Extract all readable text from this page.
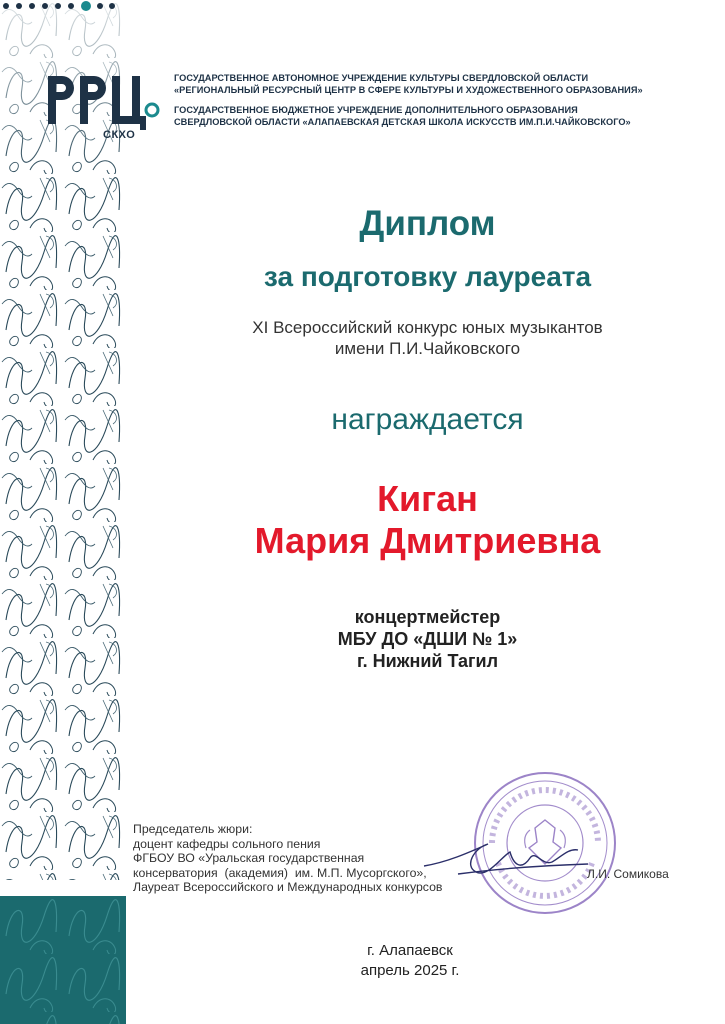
СКХО
ГОСУДАРСТВЕННОЕ АВТОНОМНОЕ УЧРЕЖДЕНИЕ КУЛЬТУРЫ СВЕРДЛОВСКОЙ ОБЛАСТИ
«РЕГИОНАЛЬНЫЙ РЕСУРСНЫЙ ЦЕНТР В СФЕРЕ КУЛЬТУРЫ И ХУДОЖЕСТВЕННОГО ОБРАЗОВАНИЯ»
ГОСУДАРСТВЕННОЕ БЮДЖЕТНОЕ УЧРЕЖДЕНИЕ ДОПОЛНИТЕЛЬНОГО ОБРАЗОВАНИЯ
СВЕРДЛОВСКОЙ ОБЛАСТИ «АЛАПАЕВСКАЯ ДЕТСКАЯ ШКОЛА ИСКУССТВ ИМ.П.И.ЧАЙКОВСКОГО»
Диплом
за подготовку лауреата
XI Всероссийский конкурс юных музыкантов
имени П.И.Чайковского
награждается
Киган
Мария Дмитриевна
концертмейстер
МБУ ДО «ДШИ № 1»
г. Нижний Тагил
Председатель жюри:
доцент кафедры сольного пения
ФГБОУ ВО «Уральская государственная
консерватория  (академия)  им. М.П. Мусоргского»,
Лауреат Всероссийского и Международных конкурсов
Л.И. Сомикова
г. Алапаевск
апрель 2025 г.
